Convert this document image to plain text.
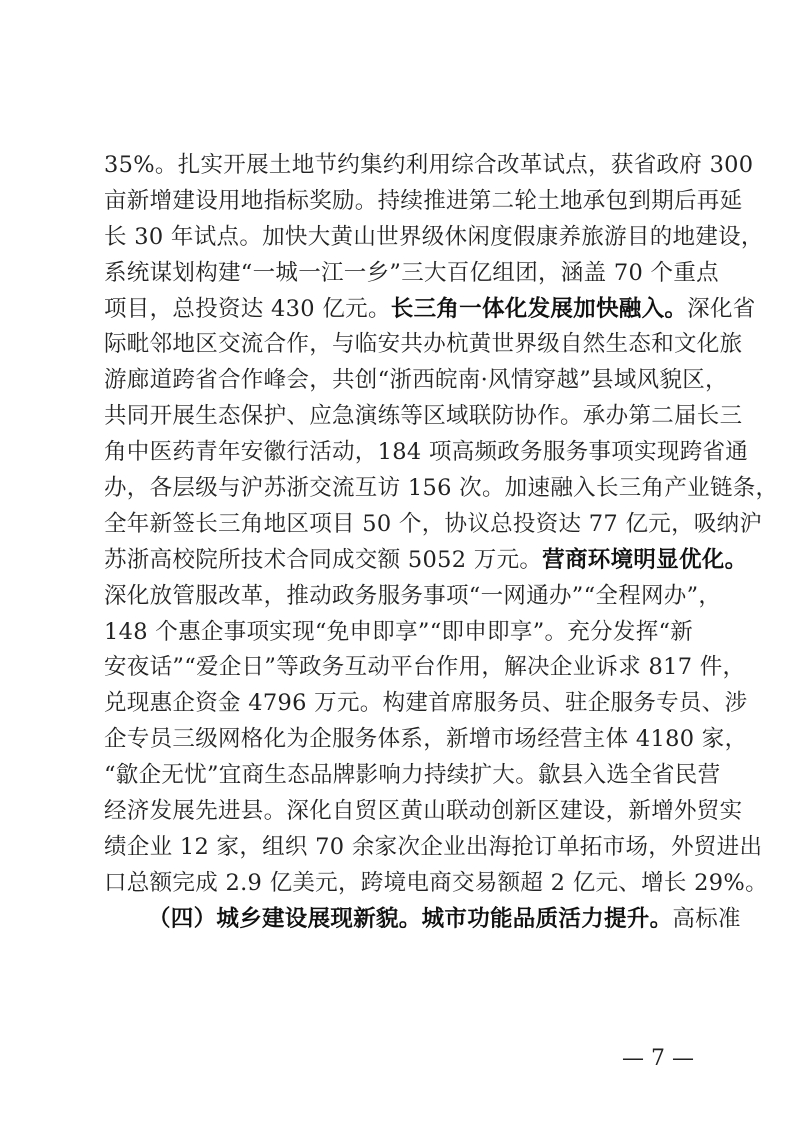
35%。扎实开展土地节约集约利用综合改革试点，获省政府 300
亩新增建设用地指标奖励。持续推进第二轮土地承包到期后再延
长 30 年试点。加快大黄山世界级休闲度假康养旅游目的地建设，
系统谋划构建“一城一江一乡”三大百亿组团，涵盖 70 个重点
项目，总投资达 430 亿元。长三角一体化发展加快融入。深化省
际毗邻地区交流合作，与临安共办杭黄世界级自然生态和文化旅
游廊道跨省合作峰会，共创“浙西皖南·风情穿越”县域风貌区，
共同开展生态保护、应急演练等区域联防协作。承办第二届长三
角中医药青年安徽行活动，184 项高频政务服务事项实现跨省通
办，各层级与沪苏浙交流互访 156 次。加速融入长三角产业链条，
全年新签长三角地区项目 50 个，协议总投资达 77 亿元，吸纳沪
苏浙高校院所技术合同成交额 5052 万元。营商环境明显优化。
深化放管服改革，推动政务服务事项“一网通办”“全程网办”，
148 个惠企事项实现“免申即享”“即申即享”。充分发挥“新
安夜话”“爱企日”等政务互动平台作用，解决企业诉求 817 件，
兑现惠企资金 4796 万元。构建首席服务员、驻企服务专员、涉
企专员三级网格化为企服务体系，新增市场经营主体 4180 家，
“歙企无忧”宜商生态品牌影响力持续扩大。歙县入选全省民营
经济发展先进县。深化自贸区黄山联动创新区建设，新增外贸实
绩企业 12 家，组织 70 余家次企业出海抢订单拓市场，外贸进出
口总额完成 2.9 亿美元，跨境电商交易额超 2 亿元、增长 29%。
（四）城乡建设展现新貌。城市功能品质活力提升。高标准
— 7 —
